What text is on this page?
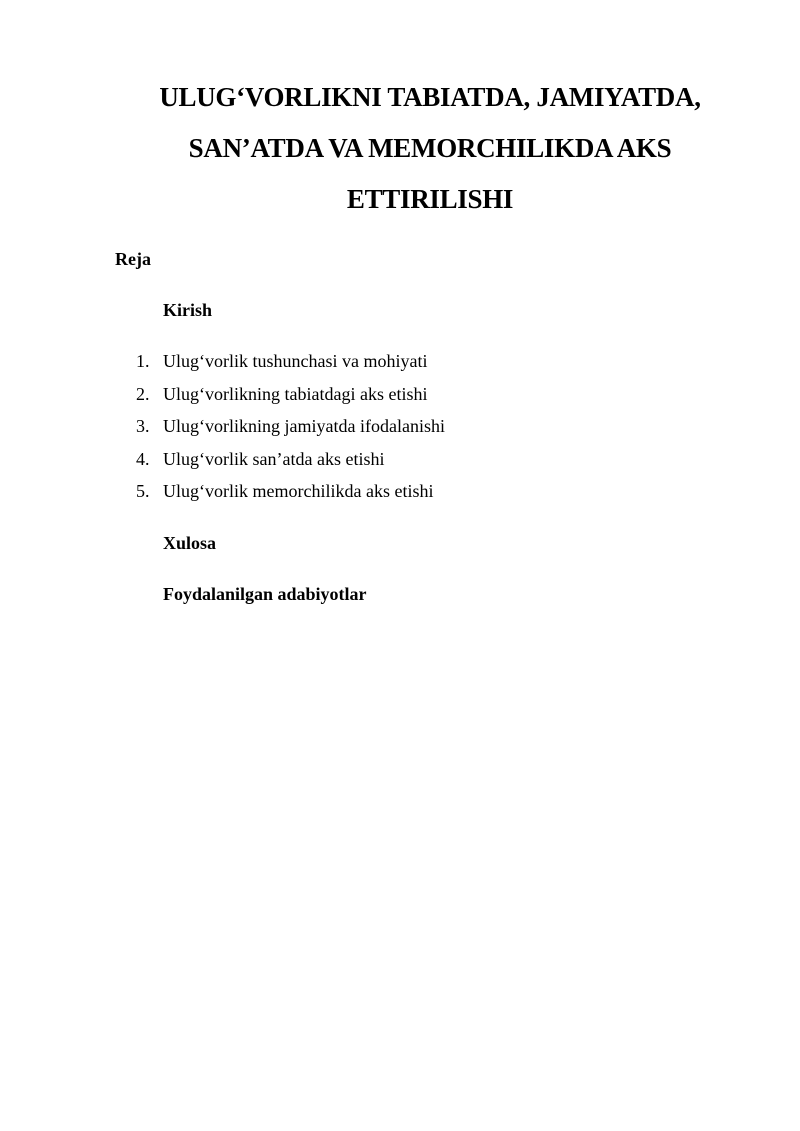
ULUG‘VORLIKNI TABIATDA, JAMIYATDA,
SAN’ATDA VA MEMORCHILIKDA AKS
ETTIRILISHI

Reja

Kirish

1. Ulug‘vorlik tushunchasi va mohiyati
2. Ulug‘vorlikning tabiatdagi aks etishi
3. Ulug‘vorlikning jamiyatda ifodalanishi
4. Ulug‘vorlik san’atda aks etishi
5. Ulug‘vorlik memorchilikda aks etishi

Xulosa

Foydalanilgan adabiyotlar
